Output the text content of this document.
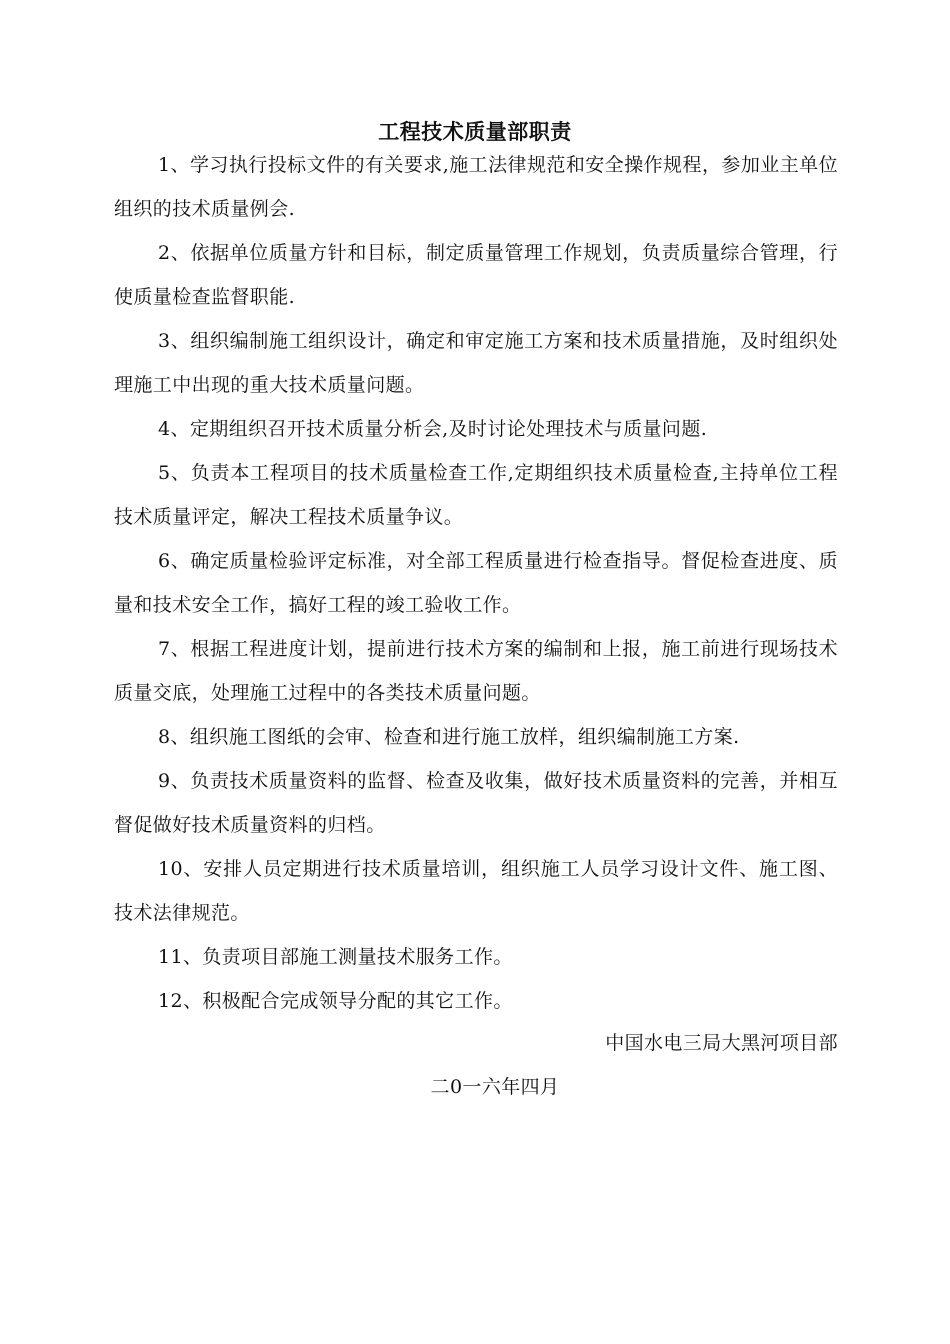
工程技术质量部职责

1、学习执行投标文件的有关要求,施工法律规范和安全操作规程，参加业主单位组织的技术质量例会.

2、依据单位质量方针和目标，制定质量管理工作规划，负责质量综合管理，行使质量检查监督职能.

3、组织编制施工组织设计，确定和审定施工方案和技术质量措施，及时组织处理施工中出现的重大技术质量问题。

4、定期组织召开技术质量分析会,及时讨论处理技术与质量问题.

5、负责本工程项目的技术质量检查工作,定期组织技术质量检查,主持单位工程技术质量评定，解决工程技术质量争议。

6、确定质量检验评定标准，对全部工程质量进行检查指导。督促检查进度、质量和技术安全工作，搞好工程的竣工验收工作。

7、根据工程进度计划，提前进行技术方案的编制和上报，施工前进行现场技术质量交底，处理施工过程中的各类技术质量问题。

8、组织施工图纸的会审、检查和进行施工放样，组织编制施工方案.

9、负责技术质量资料的监督、检查及收集，做好技术质量资料的完善，并相互督促做好技术质量资料的归档。

10、安排人员定期进行技术质量培训，组织施工人员学习设计文件、施工图、技术法律规范。

11、负责项目部施工测量技术服务工作。

12、积极配合完成领导分配的其它工作。

中国水电三局大黑河项目部
二0一六年四月
